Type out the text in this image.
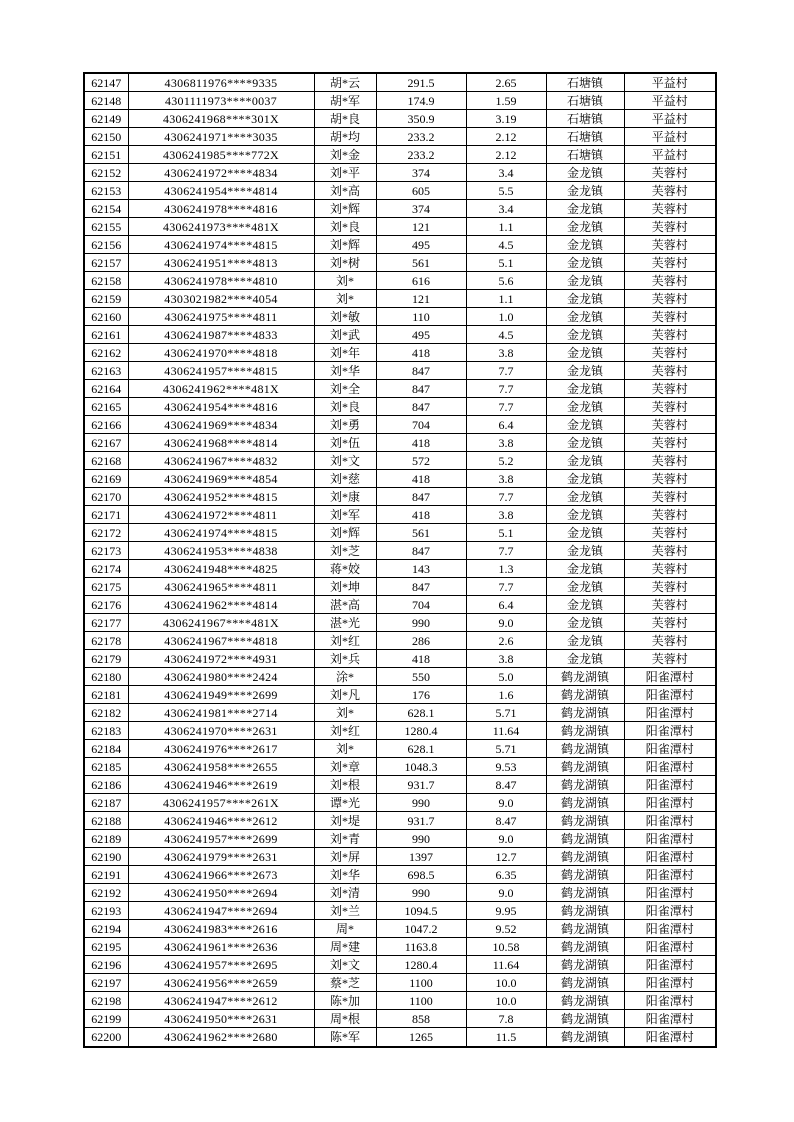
62147	4306811976****9335	胡*云	291.5	2.65	石塘镇	平益村
62148	4301111973****0037	胡*军	174.9	1.59	石塘镇	平益村
62149	4306241968****301X	胡*良	350.9	3.19	石塘镇	平益村
62150	4306241971****3035	胡*均	233.2	2.12	石塘镇	平益村
62151	4306241985****772X	刘*金	233.2	2.12	石塘镇	平益村
62152	4306241972****4834	刘*平	374	3.4	金龙镇	芙蓉村
62153	4306241954****4814	刘*高	605	5.5	金龙镇	芙蓉村
62154	4306241978****4816	刘*辉	374	3.4	金龙镇	芙蓉村
62155	4306241973****481X	刘*良	121	1.1	金龙镇	芙蓉村
62156	4306241974****4815	刘*辉	495	4.5	金龙镇	芙蓉村
62157	4306241951****4813	刘*树	561	5.1	金龙镇	芙蓉村
62158	4306241978****4810	刘*	616	5.6	金龙镇	芙蓉村
62159	4303021982****4054	刘*	121	1.1	金龙镇	芙蓉村
62160	4306241975****4811	刘*敏	110	1.0	金龙镇	芙蓉村
62161	4306241987****4833	刘*武	495	4.5	金龙镇	芙蓉村
62162	4306241970****4818	刘*年	418	3.8	金龙镇	芙蓉村
62163	4306241957****4815	刘*华	847	7.7	金龙镇	芙蓉村
62164	4306241962****481X	刘*全	847	7.7	金龙镇	芙蓉村
62165	4306241954****4816	刘*良	847	7.7	金龙镇	芙蓉村
62166	4306241969****4834	刘*勇	704	6.4	金龙镇	芙蓉村
62167	4306241968****4814	刘*伍	418	3.8	金龙镇	芙蓉村
62168	4306241967****4832	刘*文	572	5.2	金龙镇	芙蓉村
62169	4306241969****4854	刘*慈	418	3.8	金龙镇	芙蓉村
62170	4306241952****4815	刘*康	847	7.7	金龙镇	芙蓉村
62171	4306241972****4811	刘*军	418	3.8	金龙镇	芙蓉村
62172	4306241974****4815	刘*辉	561	5.1	金龙镇	芙蓉村
62173	4306241953****4838	刘*芝	847	7.7	金龙镇	芙蓉村
62174	4306241948****4825	蒋*姣	143	1.3	金龙镇	芙蓉村
62175	4306241965****4811	刘*坤	847	7.7	金龙镇	芙蓉村
62176	4306241962****4814	湛*高	704	6.4	金龙镇	芙蓉村
62177	4306241967****481X	湛*光	990	9.0	金龙镇	芙蓉村
62178	4306241967****4818	刘*红	286	2.6	金龙镇	芙蓉村
62179	4306241972****4931	刘*兵	418	3.8	金龙镇	芙蓉村
62180	4306241980****2424	涂*	550	5.0	鹤龙湖镇	阳雀潭村
62181	4306241949****2699	刘*凡	176	1.6	鹤龙湖镇	阳雀潭村
62182	4306241981****2714	刘*	628.1	5.71	鹤龙湖镇	阳雀潭村
62183	4306241970****2631	刘*红	1280.4	11.64	鹤龙湖镇	阳雀潭村
62184	4306241976****2617	刘*	628.1	5.71	鹤龙湖镇	阳雀潭村
62185	4306241958****2655	刘*章	1048.3	9.53	鹤龙湖镇	阳雀潭村
62186	4306241946****2619	刘*根	931.7	8.47	鹤龙湖镇	阳雀潭村
62187	4306241957****261X	谭*光	990	9.0	鹤龙湖镇	阳雀潭村
62188	4306241946****2612	刘*堤	931.7	8.47	鹤龙湖镇	阳雀潭村
62189	4306241957****2699	刘*青	990	9.0	鹤龙湖镇	阳雀潭村
62190	4306241979****2631	刘*屏	1397	12.7	鹤龙湖镇	阳雀潭村
62191	4306241966****2673	刘*华	698.5	6.35	鹤龙湖镇	阳雀潭村
62192	4306241950****2694	刘*清	990	9.0	鹤龙湖镇	阳雀潭村
62193	4306241947****2694	刘*兰	1094.5	9.95	鹤龙湖镇	阳雀潭村
62194	4306241983****2616	周*	1047.2	9.52	鹤龙湖镇	阳雀潭村
62195	4306241961****2636	周*建	1163.8	10.58	鹤龙湖镇	阳雀潭村
62196	4306241957****2695	刘*文	1280.4	11.64	鹤龙湖镇	阳雀潭村
62197	4306241956****2659	蔡*芝	1100	10.0	鹤龙湖镇	阳雀潭村
62198	4306241947****2612	陈*加	1100	10.0	鹤龙湖镇	阳雀潭村
62199	4306241950****2631	周*根	858	7.8	鹤龙湖镇	阳雀潭村
62200	4306241962****2680	陈*军	1265	11.5	鹤龙湖镇	阳雀潭村
